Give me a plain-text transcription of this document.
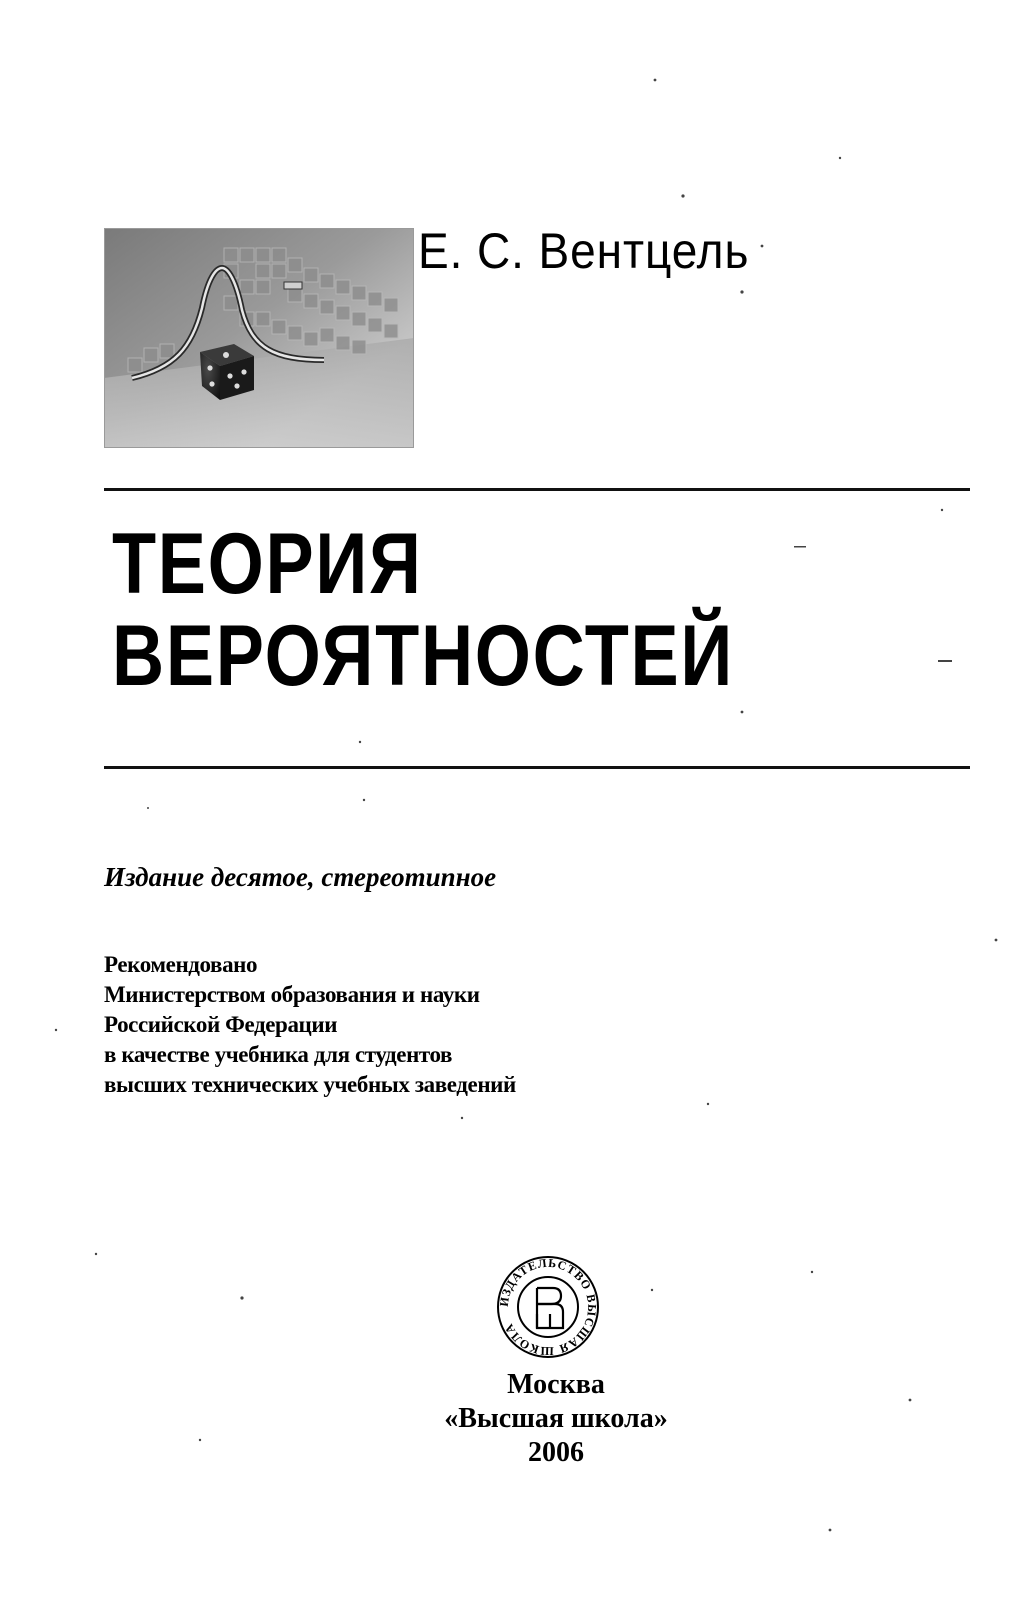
Е. С. Вентцель
ТЕОРИЯ
ВЕРОЯТНОСТЕЙ
Издание десятое, стереотипное
Рекомендовано
Министерством образования и науки
Российской Федерации
в качестве учебника для студентов
высших технических учебных заведений
ИЗДАТЕЛЬСТВО ВЫСШАЯ ШКОЛА
Москва
«Высшая школа»
2006
